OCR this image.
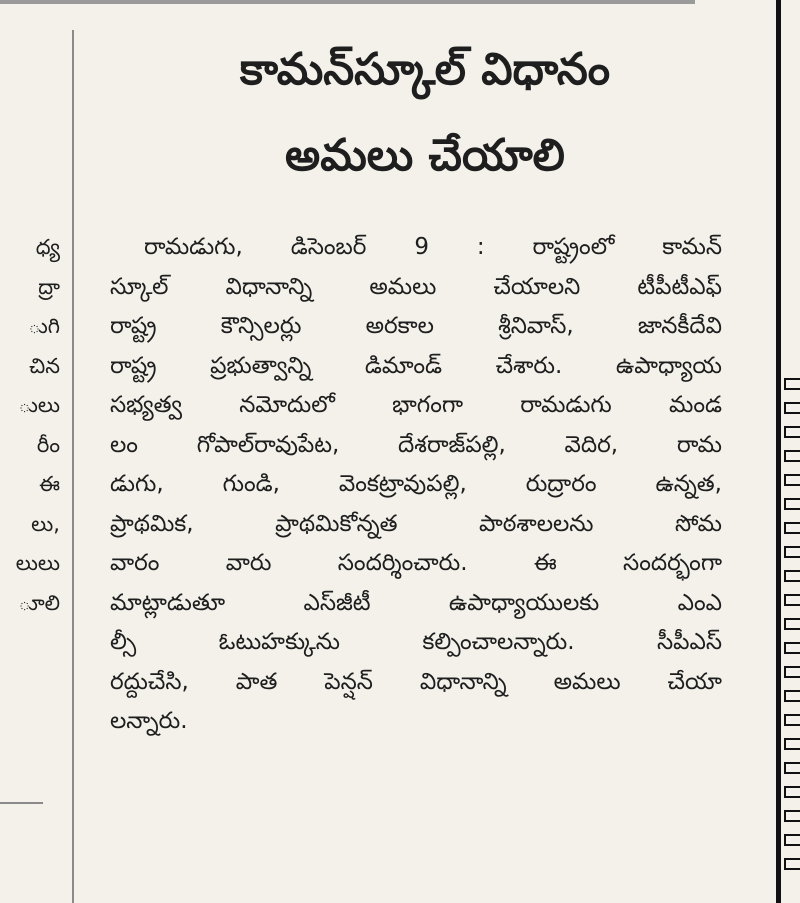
ధ్య
ద్రా
ుగి
చిన
ులు
రీం
ఈ
లు,
లులు
ూలి
కామన్‌స్కూల్ విధానం
అమలు చేయాలి
రామడుగు, డిసెంబర్ 9 : రాష్ట్రంలో కామన్
స్కూల్ విధానాన్ని అమలు చేయాలని టీపీటీఎఫ్
రాష్ట్ర కౌన్సిలర్లు అరకాల శ్రీనివాస్, జానకీదేవి
రాష్ట్ర ప్రభుత్వాన్ని డిమాండ్ చేశారు. ఉపాధ్యాయ
సభ్యత్వ నమోదులో భాగంగా రామడుగు మండ
లం గోపాల్‌రావుపేట, దేశరాజ్‌పల్లి, వెదిర, రామ
డుగు, గుండి, వెంకట్రావుపల్లి, రుద్రారం ఉన్నత,
ప్రాథమిక, ప్రాథమికోన్నత పాఠశాలలను సోమ
వారం వారు సందర్శించారు. ఈ సందర్భంగా
మాట్లాడుతూ ఎస్‌జీటీ ఉపాధ్యాయులకు ఎంఎ
ల్సీ ఓటుహక్కును కల్పించాలన్నారు. సీపీఎస్
రద్దుచేసి, పాత పెన్షన్ విధానాన్ని అమలు చేయా
లన్నారు.
